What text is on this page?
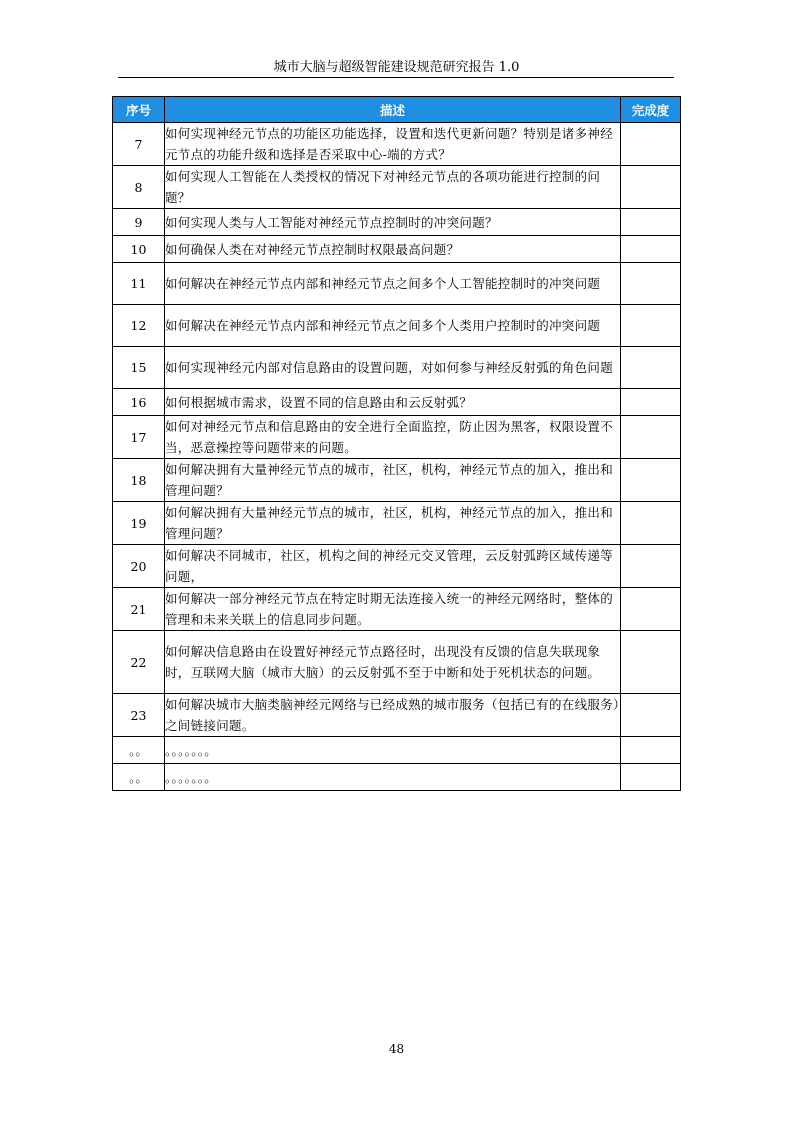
城市大脑与超级智能建设规范研究报告 1.0
序号	描述	完成度
7	如何实现神经元节点的功能区功能选择，设置和迭代更新问题？特别是诸多神经元节点的功能升级和选择是否采取中心-端的方式？	
8	如何实现人工智能在人类授权的情况下对神经元节点的各项功能进行控制的问题？	
9	如何实现人类与人工智能对神经元节点控制时的冲突问题？	
10	如何确保人类在对神经元节点控制时权限最高问题？	
11	如何解决在神经元节点内部和神经元节点之间多个人工智能控制时的冲突问题	
12	如何解决在神经元节点内部和神经元节点之间多个人类用户控制时的冲突问题	
15	如何实现神经元内部对信息路由的设置问题，对如何参与神经反射弧的角色问题	
16	如何根据城市需求，设置不同的信息路由和云反射弧？	
17	如何对神经元节点和信息路由的安全进行全面监控，防止因为黑客，权限设置不当，恶意操控等问题带来的问题。	
18	如何解决拥有大量神经元节点的城市，社区，机构，神经元节点的加入，推出和管理问题？	
19	如何解决拥有大量神经元节点的城市，社区，机构，神经元节点的加入，推出和管理问题？	
20	如何解决不同城市，社区，机构之间的神经元交叉管理，云反射弧跨区域传递等问题，	
21	如何解决一部分神经元节点在特定时期无法连接入统一的神经元网络时，整体的管理和未来关联上的信息同步问题。	
22	如何解决信息路由在设置好神经元节点路径时，出现没有反馈的信息失联现象时，互联网大脑（城市大脑）的云反射弧不至于中断和处于死机状态的问题。	
23	如何解决城市大脑类脑神经元网络与已经成熟的城市服务（包括已有的在线服务）之间链接问题。	
。。	。。。。。。。	
。。	。。。。。。。	
48
